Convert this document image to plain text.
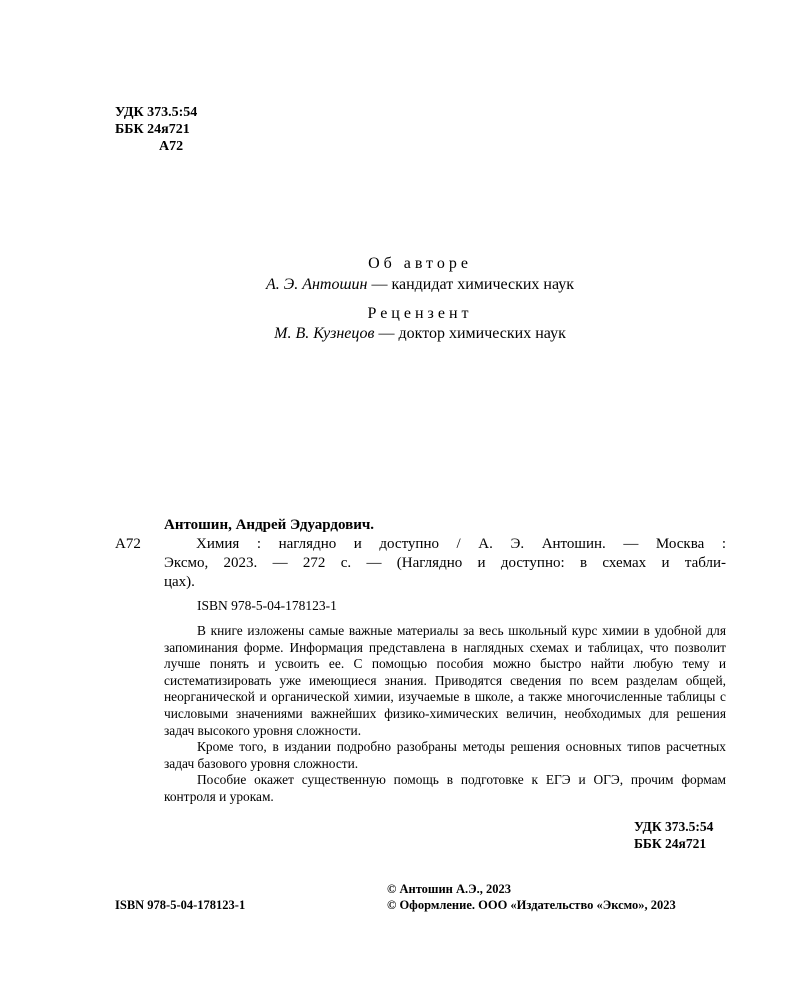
УДК 373.5:54
ББК 24я721
А72
Об авторе
А. Э. Антошин — кандидат химических наук
Рецензент
М. В. Кузнецов — доктор химических наук
Антошин, Андрей Эдуардович.
А72	Химия : наглядно и доступно / А. Э. Антошин. — Москва :
Эксмо, 2023. — 272 с. — (Наглядно и доступно: в схемах и табли-
цах).
ISBN 978-5-04-178123-1
В книге изложены самые важные материалы за весь школьный курс химии в удобной для запоминания форме. Информация представлена в наглядных схемах и таблицах, что позволит лучше понять и усвоить ее. С помощью пособия можно быстро найти любую тему и систематизировать уже имеющиеся знания. Приводятся сведения по всем разделам общей, неорганической и органической химии, изучаемые в школе, а также многочисленные таблицы с числовыми значениями важнейших физико-химических величин, необходимых для решения задач высокого уровня сложности.
Кроме того, в издании подробно разобраны методы решения основных типов расчетных задач базового уровня сложности.
Пособие окажет существенную помощь в подготовке к ЕГЭ и ОГЭ, прочим формам контроля и урокам.
УДК 373.5:54
ББК 24я721
© Антошин А.Э., 2023
ISBN 978-5-04-178123-1	© Оформление. ООО «Издательство «Эксмо», 2023
